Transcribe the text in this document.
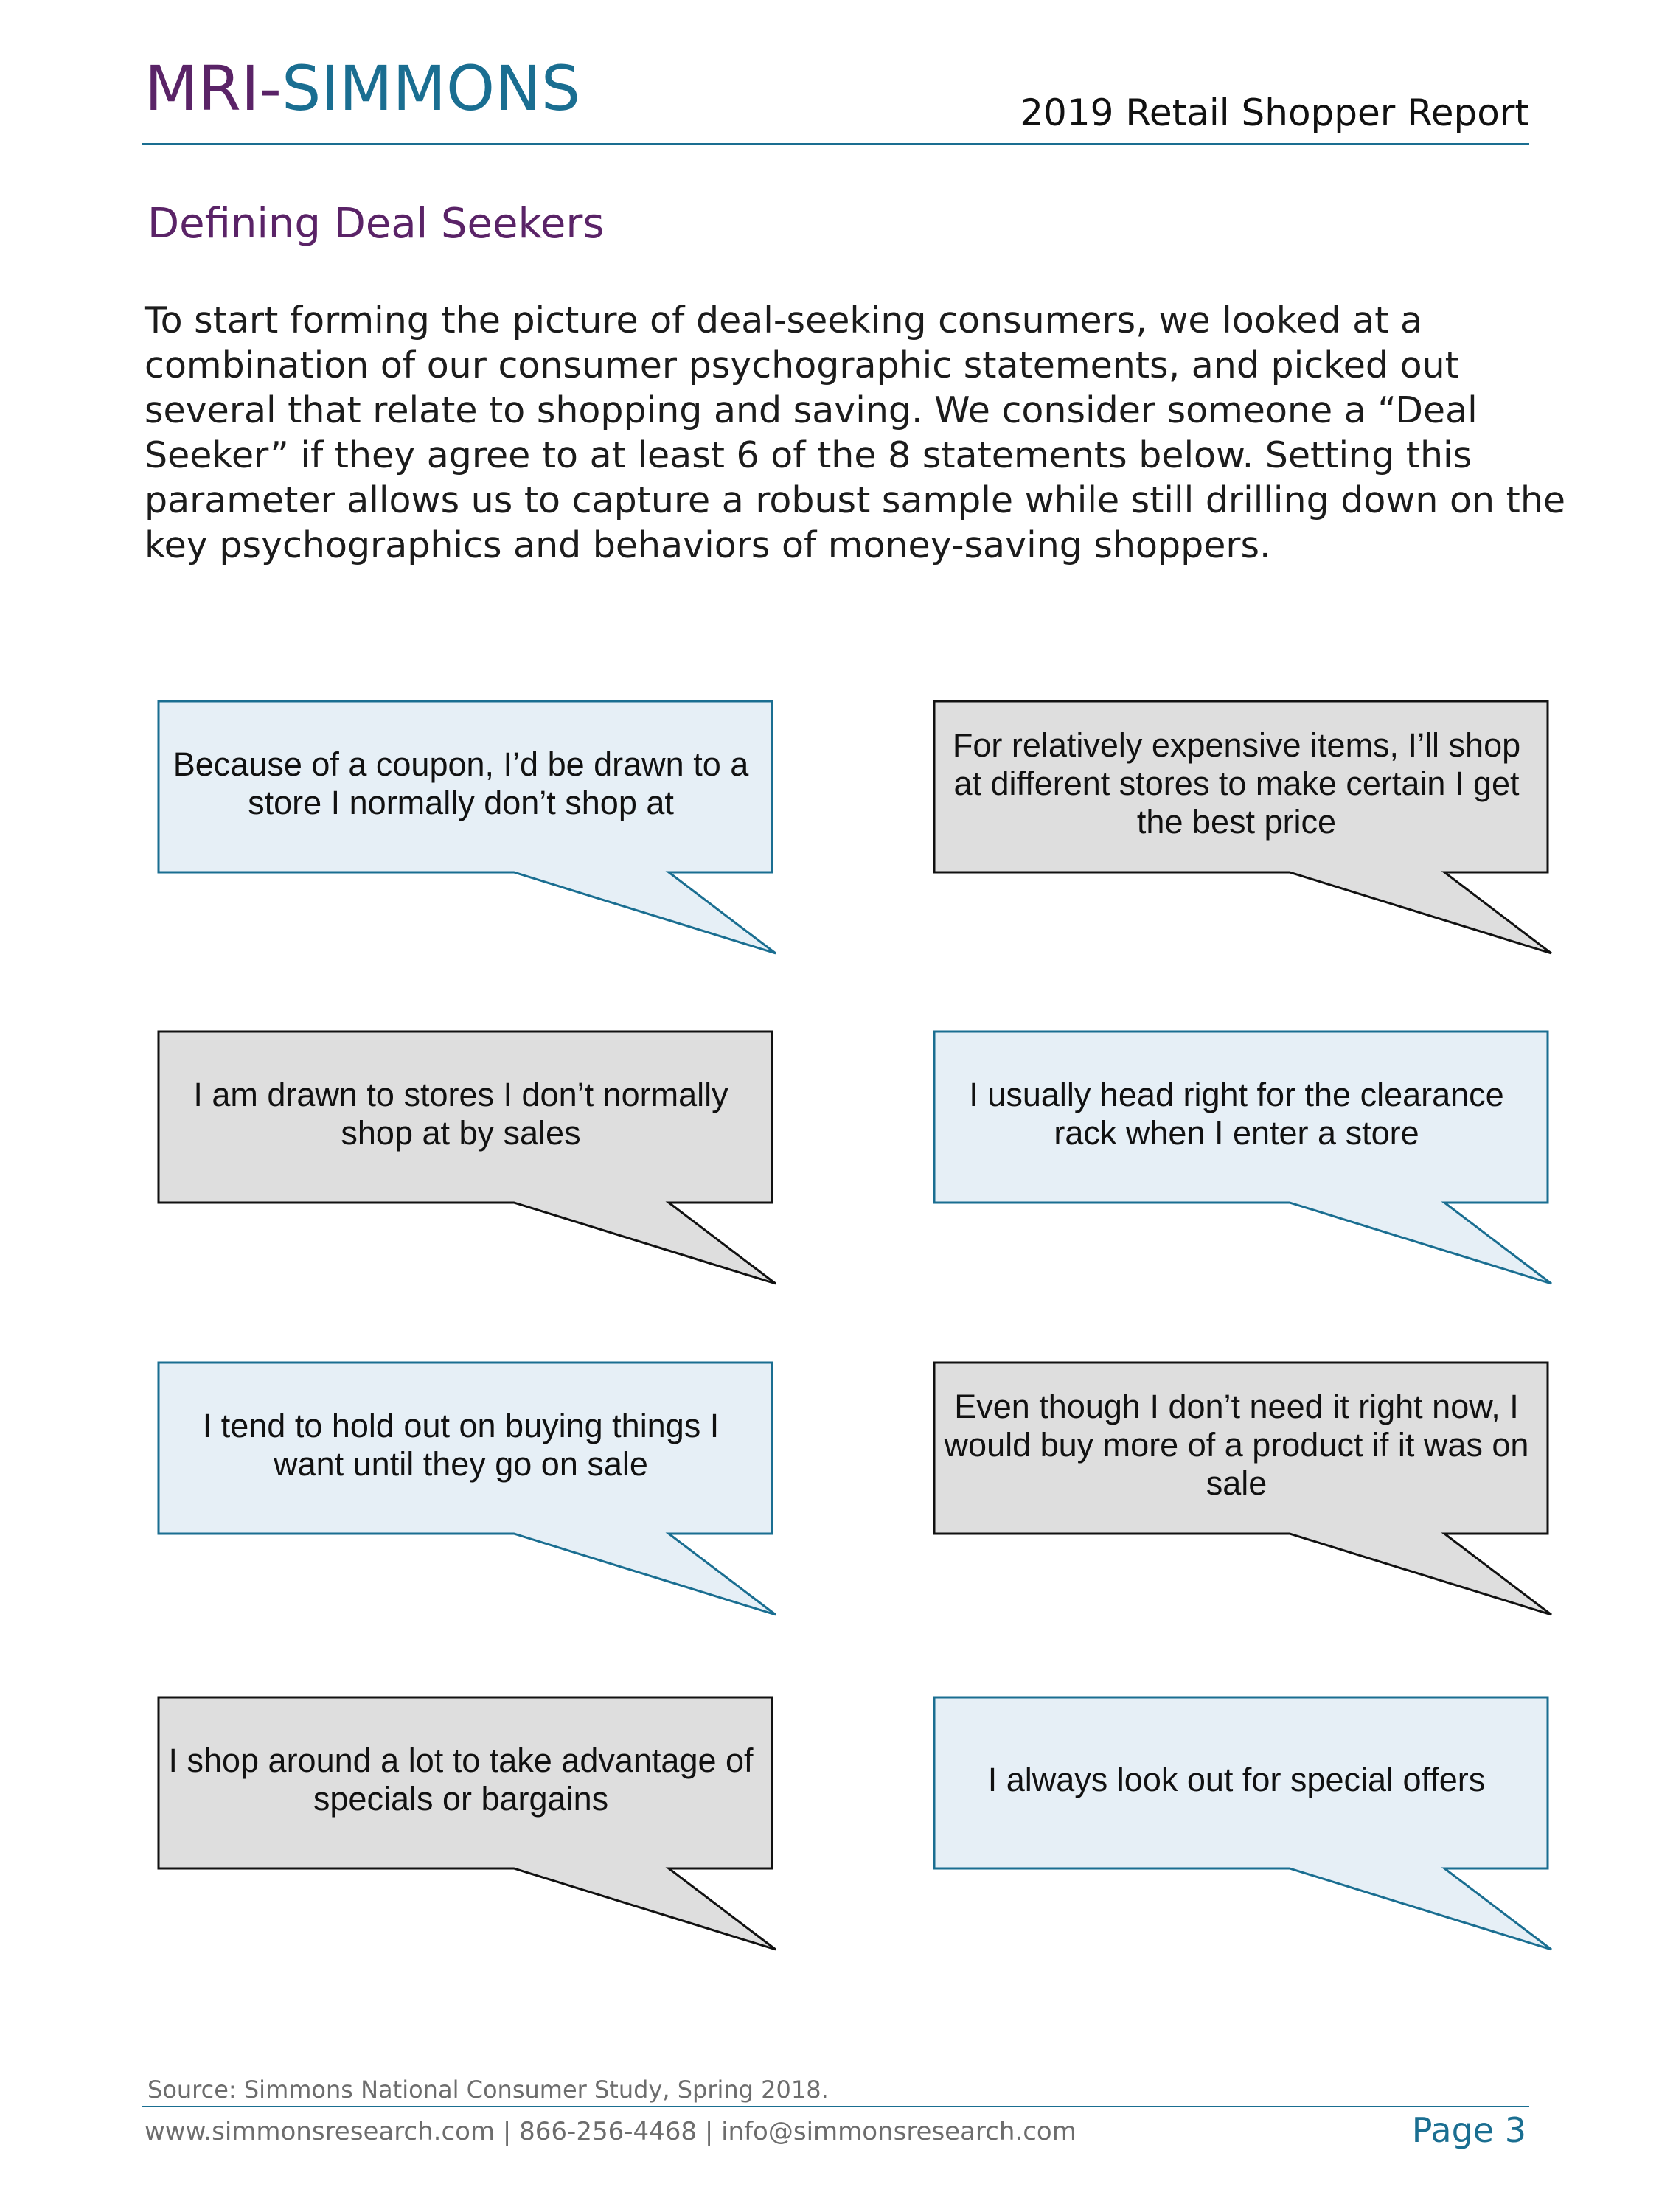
MRI-SIMMONS	2019 Retail Shopper Report
Defining Deal Seekers
To start forming the picture of deal-seeking consumers, we looked at a combination of our consumer psychographic statements, and picked out several that relate to shopping and saving. We consider someone a “Deal Seeker” if they agree to at least 6 of the 8 statements below. Setting this parameter allows us to capture a robust sample while still drilling down on the key psychographics and behaviors of money-saving shoppers.
Because of a coupon, I’d be drawn to a store I normally don’t shop at
For relatively expensive items, I’ll shop at different stores to make certain I get the best price
I am drawn to stores I don’t normally shop at by sales
I usually head right for the clearance rack when I enter a store
I tend to hold out on buying things I want until they go on sale
Even though I don’t need it right now, I would buy more of a product if it was on sale
I shop around a lot to take advantage of specials or bargains
I always look out for special offers
Source: Simmons National Consumer Study, Spring 2018.
www.simmonsresearch.com | 866-256-4468 | info@simmonsresearch.com	Page 3
